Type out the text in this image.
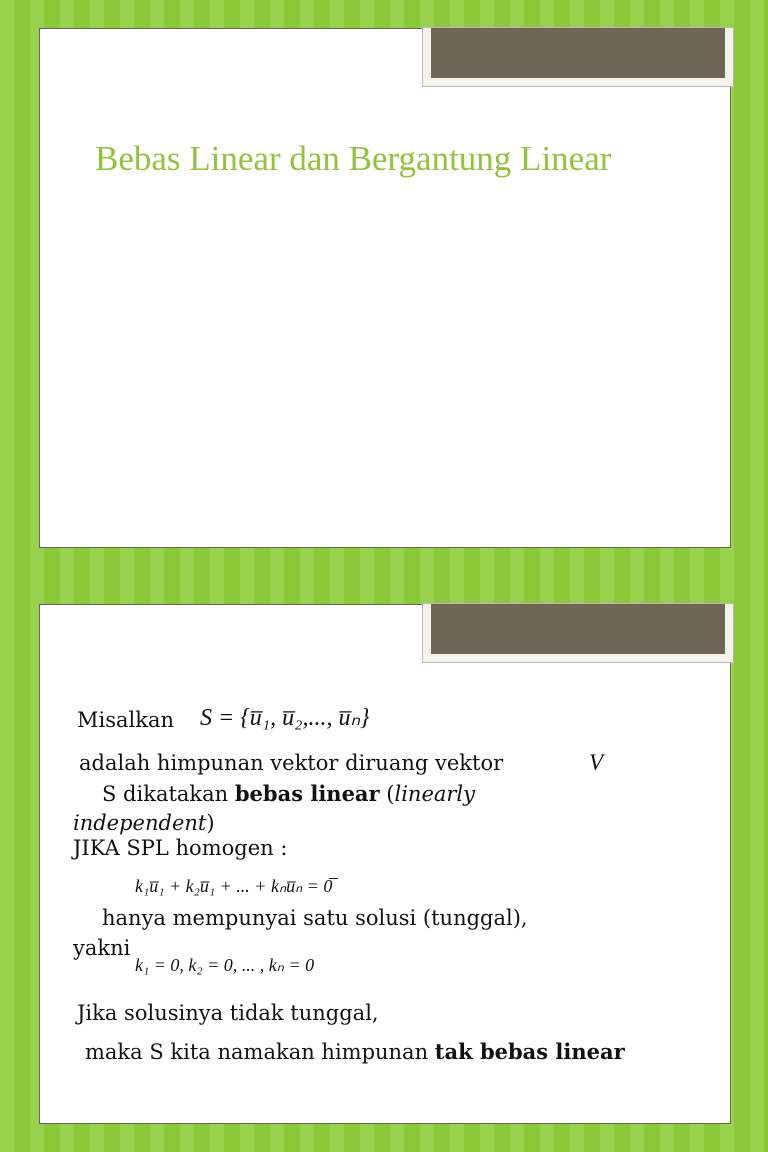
Bebas Linear dan Bergantung Linear
Misalkan S = {u̅₁, u̅₂,..., u̅ₙ}
adalah himpunan vektor diruang vektor	V
S dikatakan bebas linear (linearly
independent)
JIKA SPL homogen :
k₁u̅₁ + k₂u̅₁ + ... + kₙu̅ₙ = 0̅
hanya mempunyai satu solusi (tunggal),
yakni
k₁ = 0, k₂ = 0, ... , kₙ = 0
Jika solusinya tidak tunggal,
maka S kita namakan himpunan tak bebas linear
